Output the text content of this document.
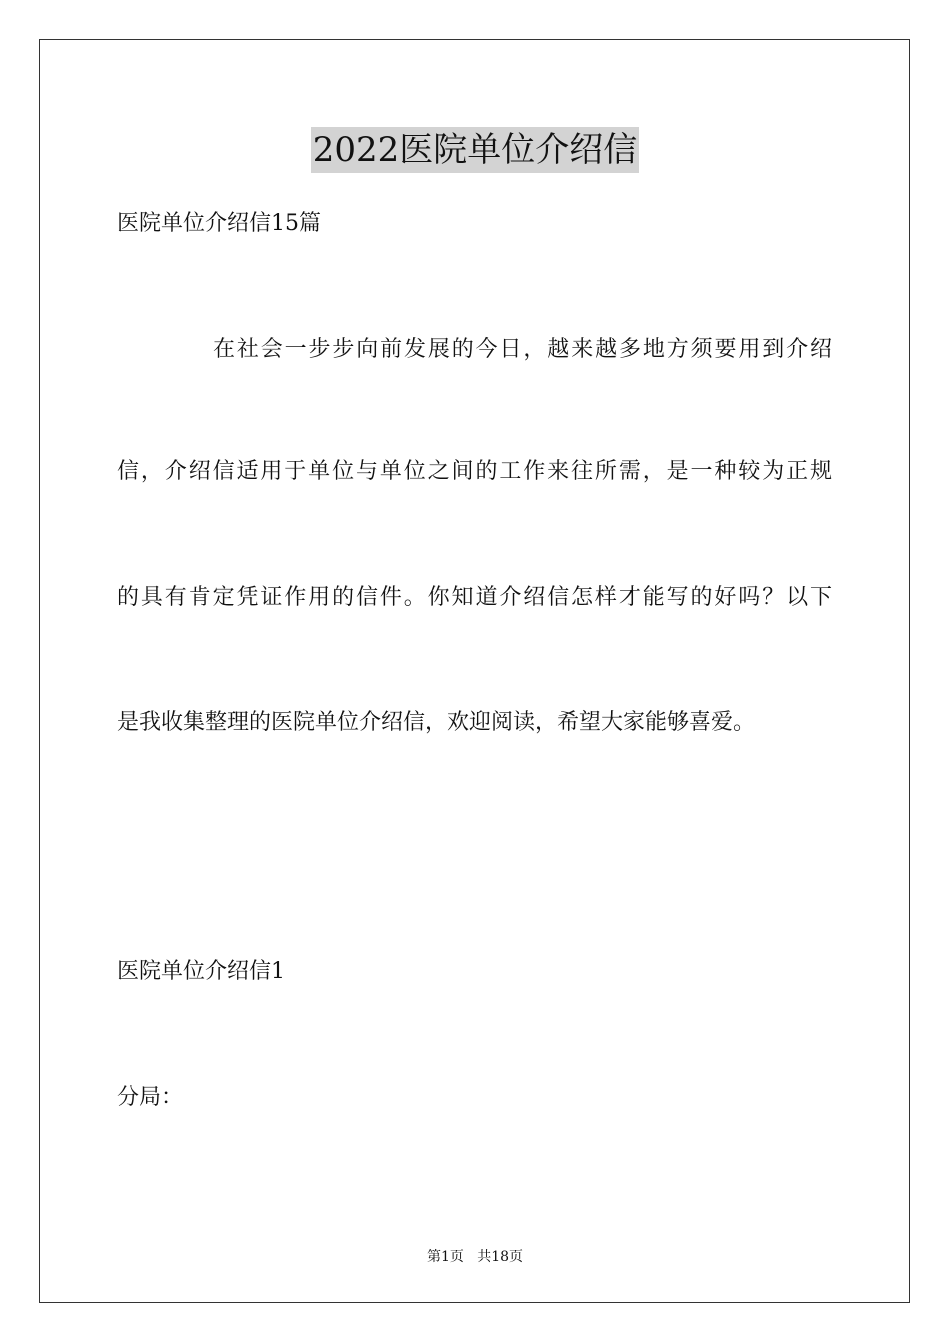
2022医院单位介绍信
医院单位介绍信15篇
在社会一步步向前发展的今日，越来越多地方须要用到介绍
信，介绍信适用于单位与单位之间的工作来往所需，是一种较为正规
的具有肯定凭证作用的信件。你知道介绍信怎样才能写的好吗？以下
是我收集整理的医院单位介绍信，欢迎阅读，希望大家能够喜爱。
医院单位介绍信1
分局：
第1页   共18页
